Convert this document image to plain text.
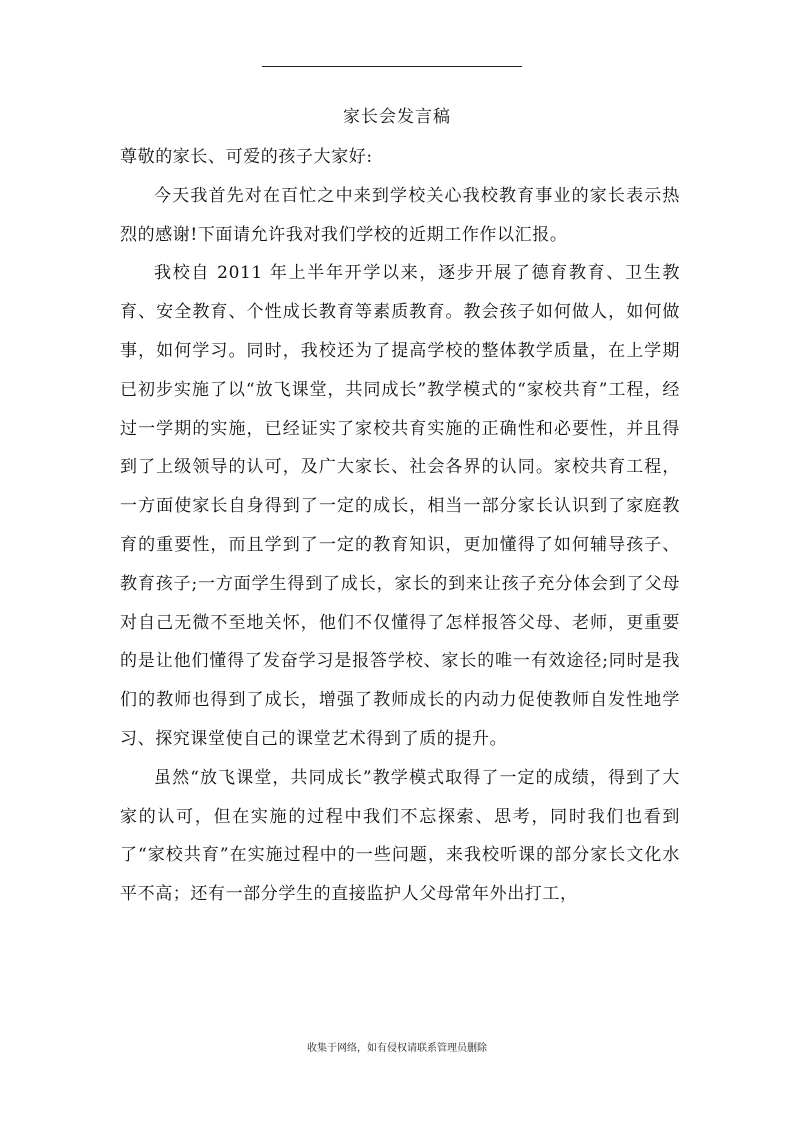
家长会发言稿

尊敬的家长、可爱的孩子大家好:

今天我首先对在百忙之中来到学校关心我校教育事业的家长表示热烈的感谢!下面请允许我对我们学校的近期工作作以汇报。

我校自 2011 年上半年开学以来，逐步开展了德育教育、卫生教育、安全教育、个性成长教育等素质教育。教会孩子如何做人，如何做事，如何学习。同时，我校还为了提高学校的整体教学质量，在上学期已初步实施了以“放飞课堂，共同成长”教学模式的“家校共育”工程，经过一学期的实施，已经证实了家校共育实施的正确性和必要性，并且得到了上级领导的认可，及广大家长、社会各界的认同。家校共育工程，一方面使家长自身得到了一定的成长，相当一部分家长认识到了家庭教育的重要性，而且学到了一定的教育知识，更加懂得了如何辅导孩子、教育孩子;一方面学生得到了成长，家长的到来让孩子充分体会到了父母对自己无微不至地关怀，他们不仅懂得了怎样报答父母、老师，更重要的是让他们懂得了发奋学习是报答学校、家长的唯一有效途径;同时是我们的教师也得到了成长，增强了教师成长的内动力促使教师自发性地学习、探究课堂使自己的课堂艺术得到了质的提升。

虽然“放飞课堂，共同成长”教学模式取得了一定的成绩，得到了大家的认可，但在实施的过程中我们不忘探索、思考，同时我们也看到了“家校共育”在实施过程中的一些问题，来我校听课的部分家长文化水平不高；还有一部分学生的直接监护人父母常年外出打工，

收集于网络，如有侵权请联系管理员删除
